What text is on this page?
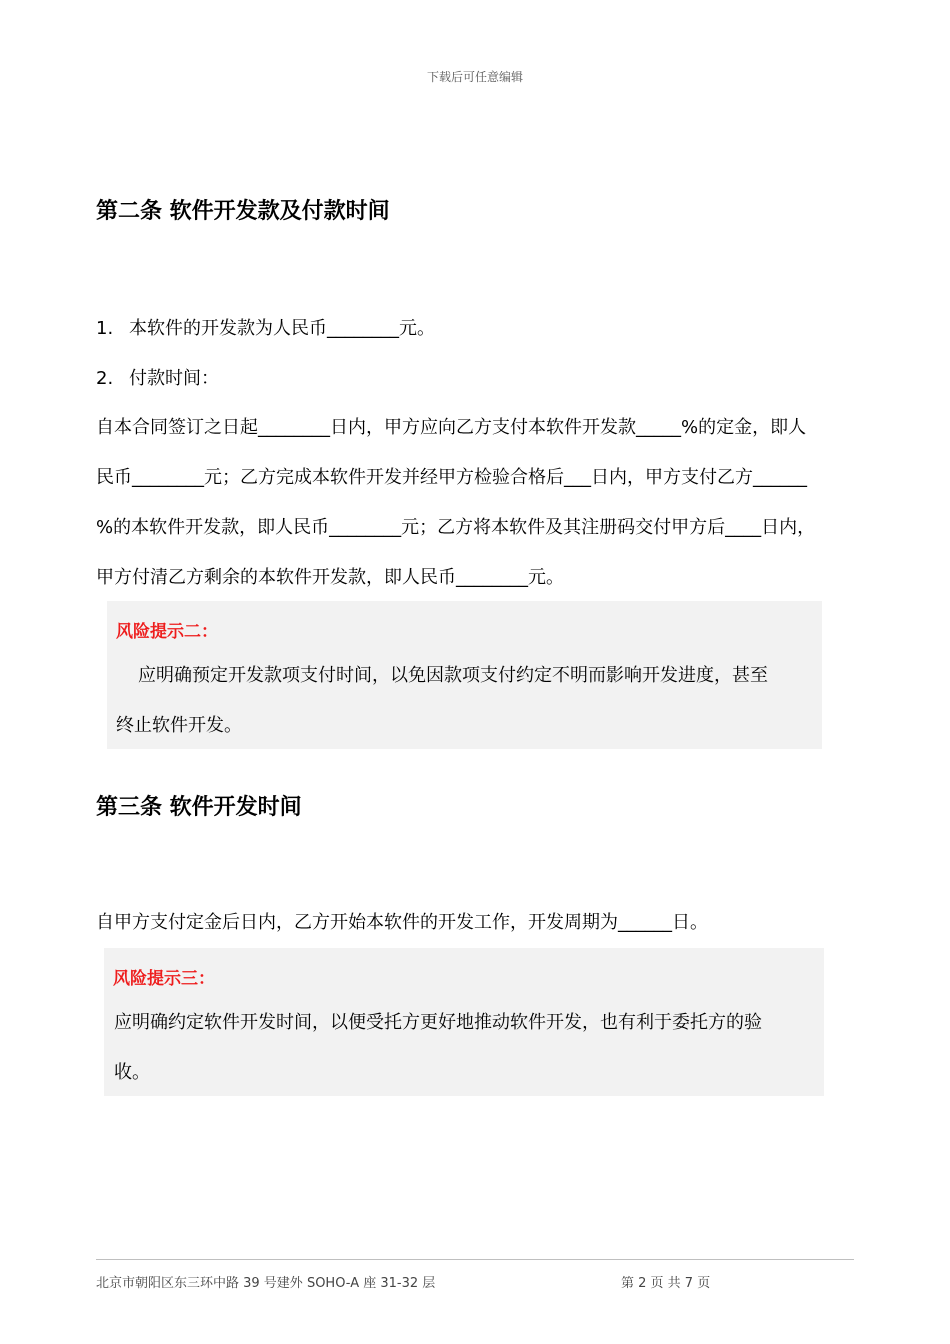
下载后可任意编辑
第二条 软件开发款及付款时间
1. 本软件的开发款为人民币________元。
2. 付款时间：
自本合同签订之日起________日内，甲方应向乙方支付本软件开发款_____%的定金，即人
民币________元；乙方完成本软件开发并经甲方检验合格后___日内，甲方支付乙方______
%的本软件开发款，即人民币________元；乙方将本软件及其注册码交付甲方后____日内，
甲方付清乙方剩余的本软件开发款，即人民币________元。
风险提示二：
应明确预定开发款项支付时间，以免因款项支付约定不明而影响开发进度，甚至
终止软件开发。
第三条 软件开发时间
自甲方支付定金后日内，乙方开始本软件的开发工作，开发周期为______日。
风险提示三：
应明确约定软件开发时间，以便受托方更好地推动软件开发，也有利于委托方的验
收。
北京市朝阳区东三环中路 39 号建外 SOHO-A 座 31-32 层	第 2 页 共 7 页
